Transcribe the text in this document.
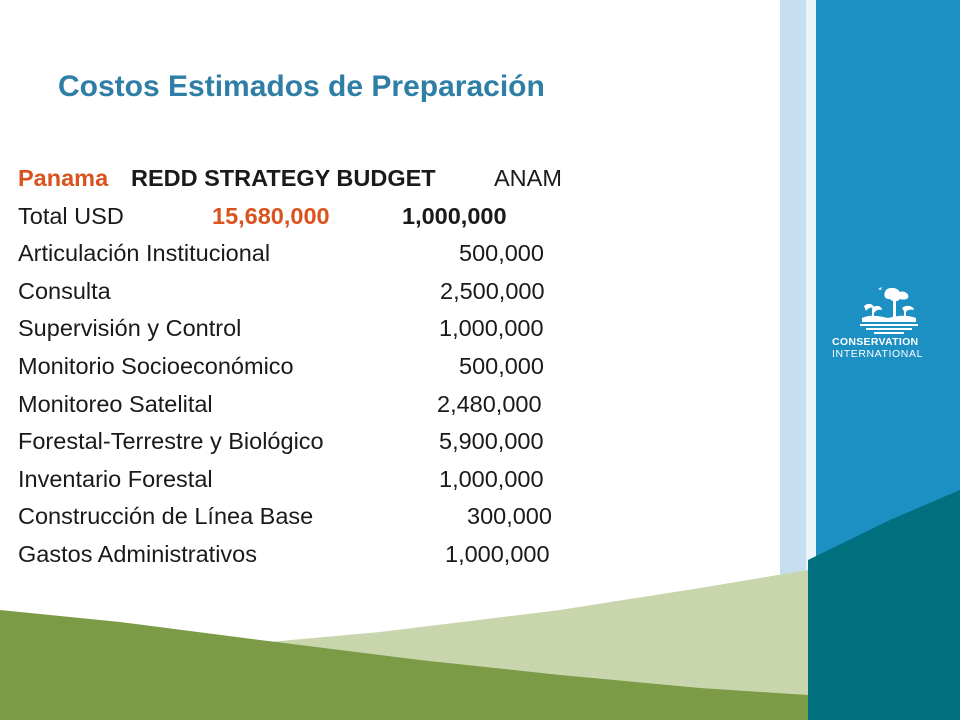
Costos Estimados de Preparación
Panama REDD STRATEGY BUDGET ANAM
Total USD	15,680,000	1,000,000
Articulación Institucional	500,000
Consulta	2,500,000
Supervisión y Control	1,000,000
Monitorio Socioeconómico	500,000
Monitoreo Satelital	2,480,000
Forestal-Terrestre y Biológico	5,900,000
Inventario Forestal	1,000,000
Construcción de Línea Base	300,000
Gastos Administrativos	1,000,000
CONSERVATION
INTERNATIONAL
